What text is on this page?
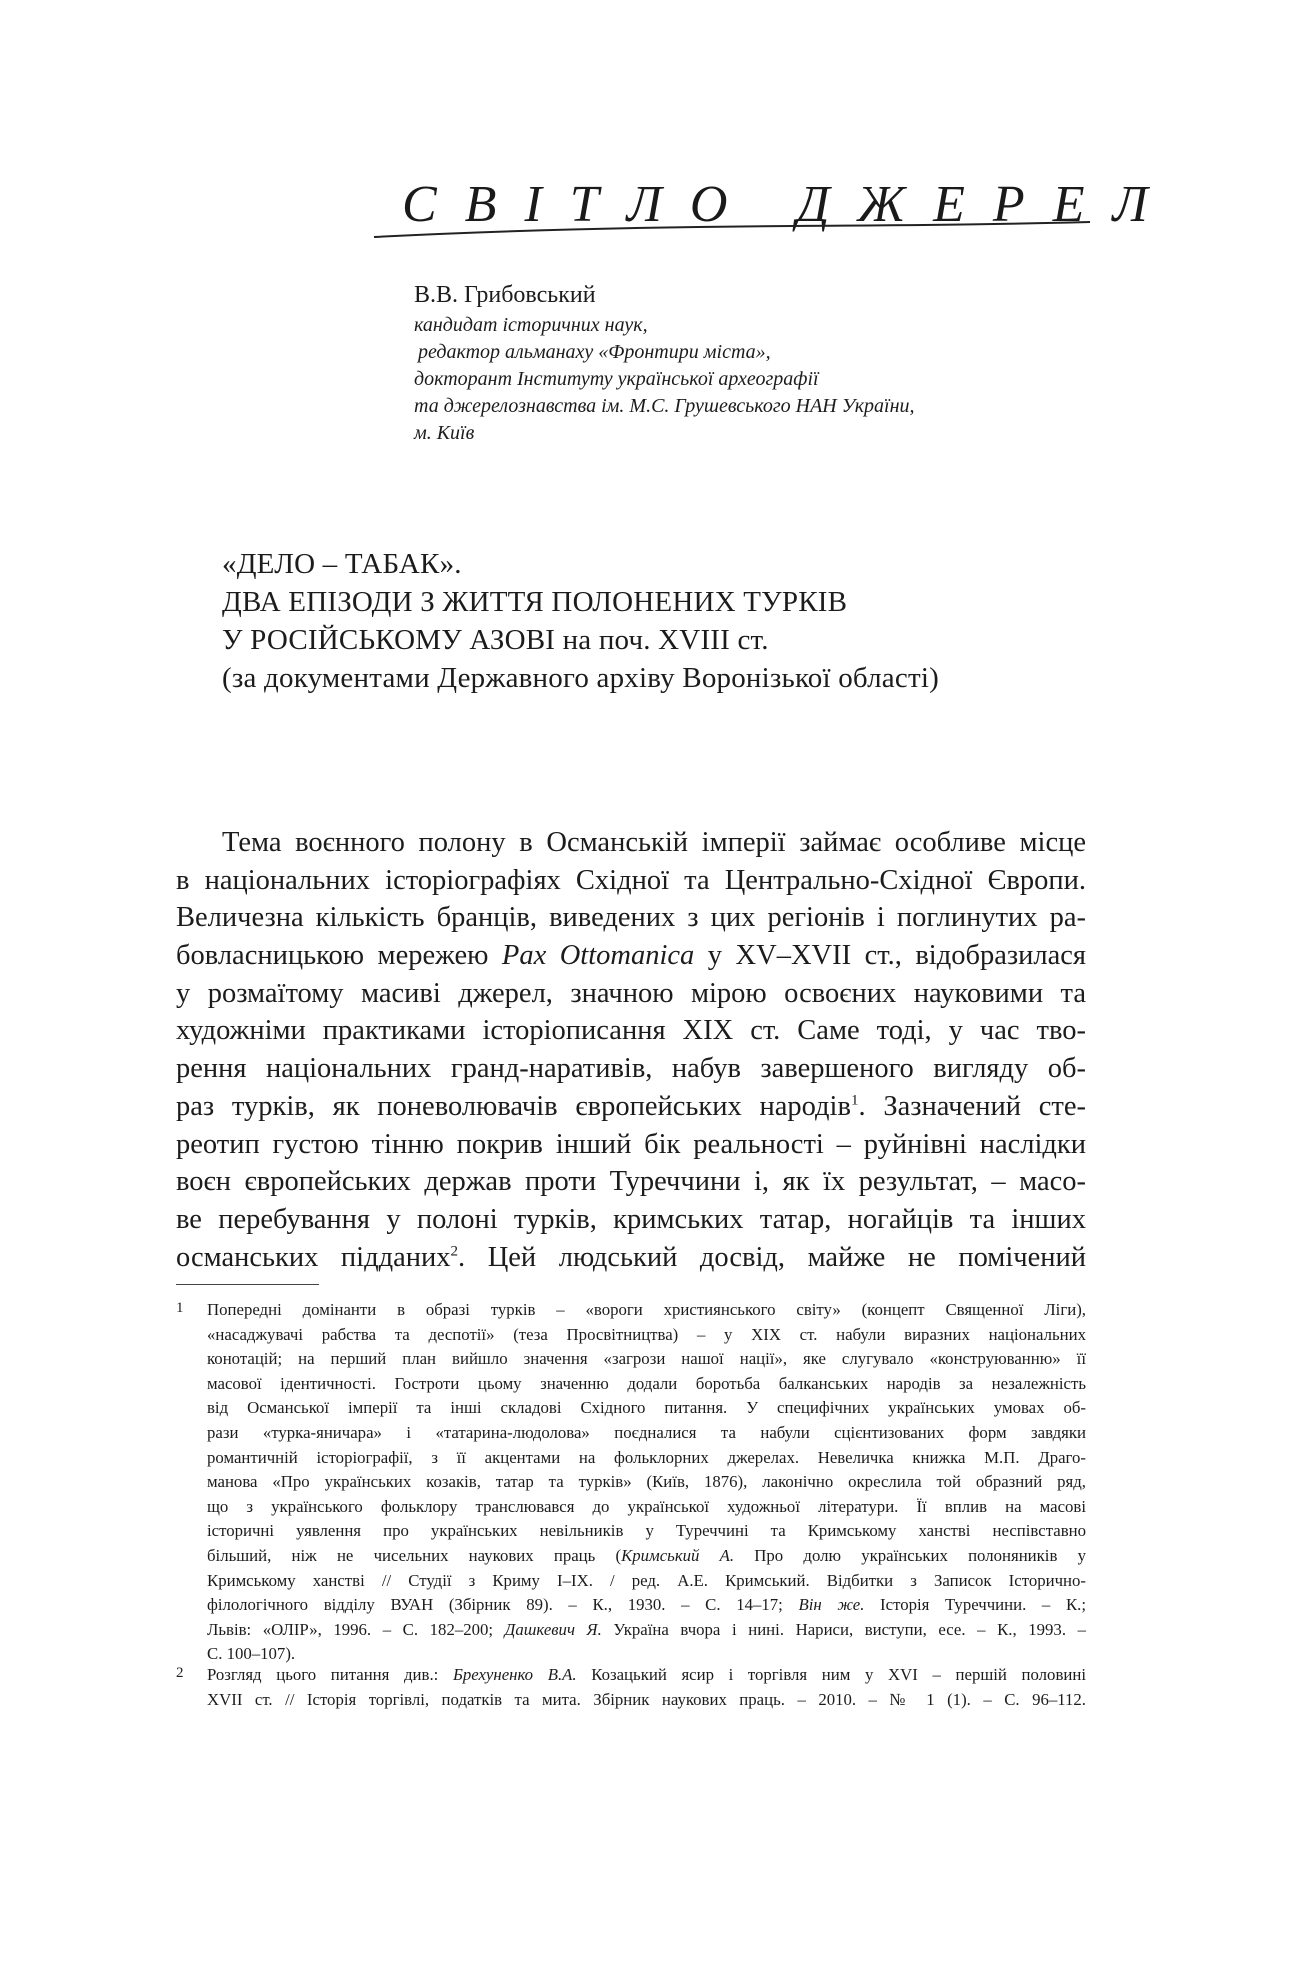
СВІТЛО ДЖЕРЕЛ

В.В. Грибовський

кандидат історичних наук,

редактор альманаху «Фронтири міста»,

докторант Інституту української археографії

та джерелознавства ім. М.С. Грушевського НАН України,

м. Київ

«ДЕЛО – ТАБАК».
ДВА ЕПІЗОДИ З ЖИТТЯ ПОЛОНЕНИХ ТУРКІВ
У РОСІЙСЬКОМУ АЗОВІ на поч. XVIII ст.
(за документами Державного архіву Воронізької області)
Тема воєнного полону в Османській імперії займає особливе місце
в національних історіографіях Східної та Центрально-Східної Європи.
Величезна кількість бранців, виведених з цих регіонів і поглинутих ра-
бовласницькою мережею Pax Ottomanica у XV–XVII ст., відобразилася
у розмаїтому масиві джерел, значною мірою освоєних науковими та
художніми практиками історіописання XIX ст. Саме тоді, у час тво-
рення національних гранд-наративів, набув завершеного вигляду об-
раз турків, як поневолювачів європейських народів$^1$. Зазначений сте-
реотип густою тінню покрив інший бік реальності – руйнівні наслідки
воєн європейських держав проти Туреччини і, як їх результат, – масо-
ве перебування у полоні турків, кримських татар, ногайців та інших
османських підданих$^2$. Цей людський досвід, майже не помічений
1 Попередні домінанти в образі турків – «вороги християнського світу» (концепт Священної Ліги),
«насаджувачі рабства та деспотії» (теза Просвітництва) – у XIX ст. набули виразних національних
конотацій; на перший план вийшло значення «загрози нашої нації», яке слугувало «конструюванню» її
масової ідентичності. Гостроти цьому значенню додали боротьба балканських народів за незалежність
від Османської імперії та інші складові Східного питання. У специфічних українських умовах об-
рази «турка-яничара» і «татарина-людолова» поєдналися та набули сцієнтизованих форм завдяки
романтичній історіографії, з її акцентами на фольклорних джерелах. Невеличка книжка М.П. Драго-
манова «Про українських козаків, татар та турків» (Київ, 1876), лаконічно окреслила той образний ряд,
що з українського фольклору транслювався до української художньої літератури. Її вплив на масові
історичні уявлення про українських невільників у Туреччині та Кримському ханстві неспівставно
більший, ніж не чисельних наукових праць (Кримський А. Про долю українських полоняників у
Кримському ханстві // Студії з Криму I–IX. / ред. А.Е. Кримський. Відбитки з Записок Історично-
філологічного відділу ВУАН (Збірник 89). – К., 1930. – С. 14–17; Він же. Історія Туреччини. – К.;
Львів: «ОЛІР», 1996. – С. 182–200; Дашкевич Я. Україна вчора і нині. Нариси, виступи, есе. – К., 1993. –
С. 100–107).
2 Розгляд цього питання див.: Брехуненко В.А. Козацький ясир і торгівля ним у XVI – першій половині
XVII ст. // Історія торгівлі, податків та мита. Збірник наукових праць. – 2010. – № 1 (1). – С. 96–112.
